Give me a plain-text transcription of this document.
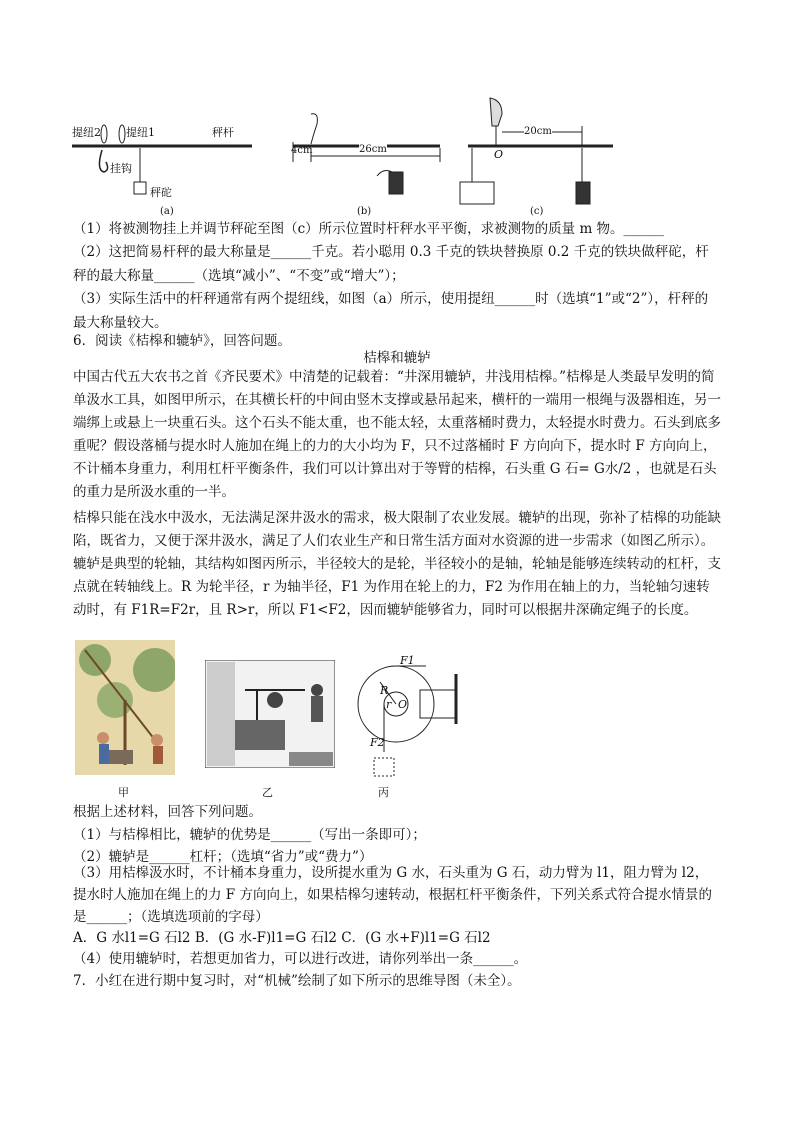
提纽2 提纽1	秤杆
挂钩
秤砣
(a)
4cm	26cm
(b)
20cm
O
(c)
（1）将被测物挂上并调节秤砣至图（c）所示位置时杆秤水平平衡，求被测物的质量 m 物。______
（2）这把简易杆秤的最大称量是______千克。若小聪用 0.3 千克的铁块替换原 0.2 千克的铁块做秤砣，杆秤的最大称量______（选填“减小”、“不变”或“增大”）；
（3）实际生活中的杆秤通常有两个提纽线，如图（a）所示，使用提纽______时（选填“1”或“2”），杆秤的最大称量较大。
6．阅读《桔槔和辘轳》，回答问题。
桔槔和辘轳
中国古代五大农书之首《齐民要术》中清楚的记载着：“井深用辘轳，井浅用桔槔。”桔槔是人类最早发明的简单汲水工具，如图甲所示，在其横长杆的中间由竖木支撑或悬吊起来，横杆的一端用一根绳与汲器相连，另一端绑上或悬上一块重石头。这个石头不能太重，也不能太轻，太重落桶时费力，太轻提水时费力。石头到底多重呢？假设落桶与提水时人施加在绳上的力的大小均为 F，只不过落桶时 F 方向向下，提水时 F 方向向上，不计桶本身重力，利用杠杆平衡条件，我们可以计算出对于等臂的桔槔，石头重 G 石= G水/2 ，也就是石头的重力是所汲水重的一半。
桔槔只能在浅水中汲水，无法满足深井汲水的需求，极大限制了农业发展。辘轳的出现，弥补了桔槔的功能缺陷，既省力，又便于深井汲水，满足了人们农业生产和日常生活方面对水资源的进一步需求（如图乙所示）。辘轳是典型的轮轴，其结构如图丙所示，半径较大的是轮，半径较小的是轴，轮轴是能够连续转动的杠杆，支点就在转轴线上。R 为轮半径，r 为轴半径，F1 为作用在轮上的力，F2 为作用在轴上的力，当轮轴匀速转动时，有 F1R=F2r，且 R>r，所以 F1<F2，因而辘轳能够省力，同时可以根据井深确定绳子的长度。
F1
F2
R
r O
甲	乙	丙
根据上述材料，回答下列问题。
（1）与桔槔相比，辘轳的优势是______（写出一条即可）；
（2）辘轳是______杠杆；（选填“省力”或“费力”）
（3）用桔槔汲水时，不计桶本身重力，设所提水重为 G 水，石头重为 G 石，动力臂为 l1，阻力臂为 l2，提水时人施加在绳上的力 F 方向向上，如果桔槔匀速转动，根据杠杆平衡条件，下列关系式符合提水情景的是______；（选填选项前的字母）
A．G 水l1=G 石l2 B．(G 水-F)l1=G 石l2 C．(G 水+F)l1=G 石l2
（4）使用辘轳时，若想更加省力，可以进行改进，请你列举出一条______。
7．小红在进行期中复习时，对“机械”绘制了如下所示的思维导图（未全）。
